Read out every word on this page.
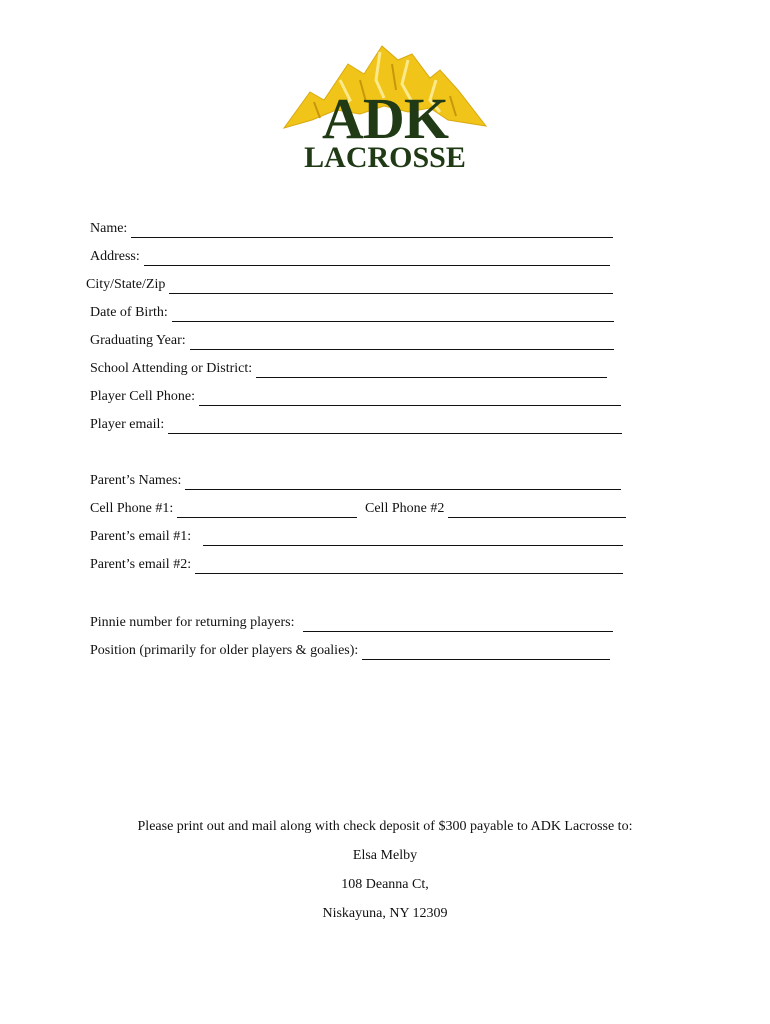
ADK
LACROSSE
Name:
Address:
City/State/Zip
Date of Birth:
Graduating Year:
School Attending or District:
Player Cell Phone:
Player email:
Parent’s Names:
Cell Phone #1:	Cell Phone #2
Parent’s email #1:
Parent’s email #2:
Pinnie number for returning players:
Position (primarily for older players & goalies):
Please print out and mail along with check deposit of $300 payable to ADK Lacrosse to:
Elsa Melby
108 Deanna Ct,
Niskayuna, NY 12309
